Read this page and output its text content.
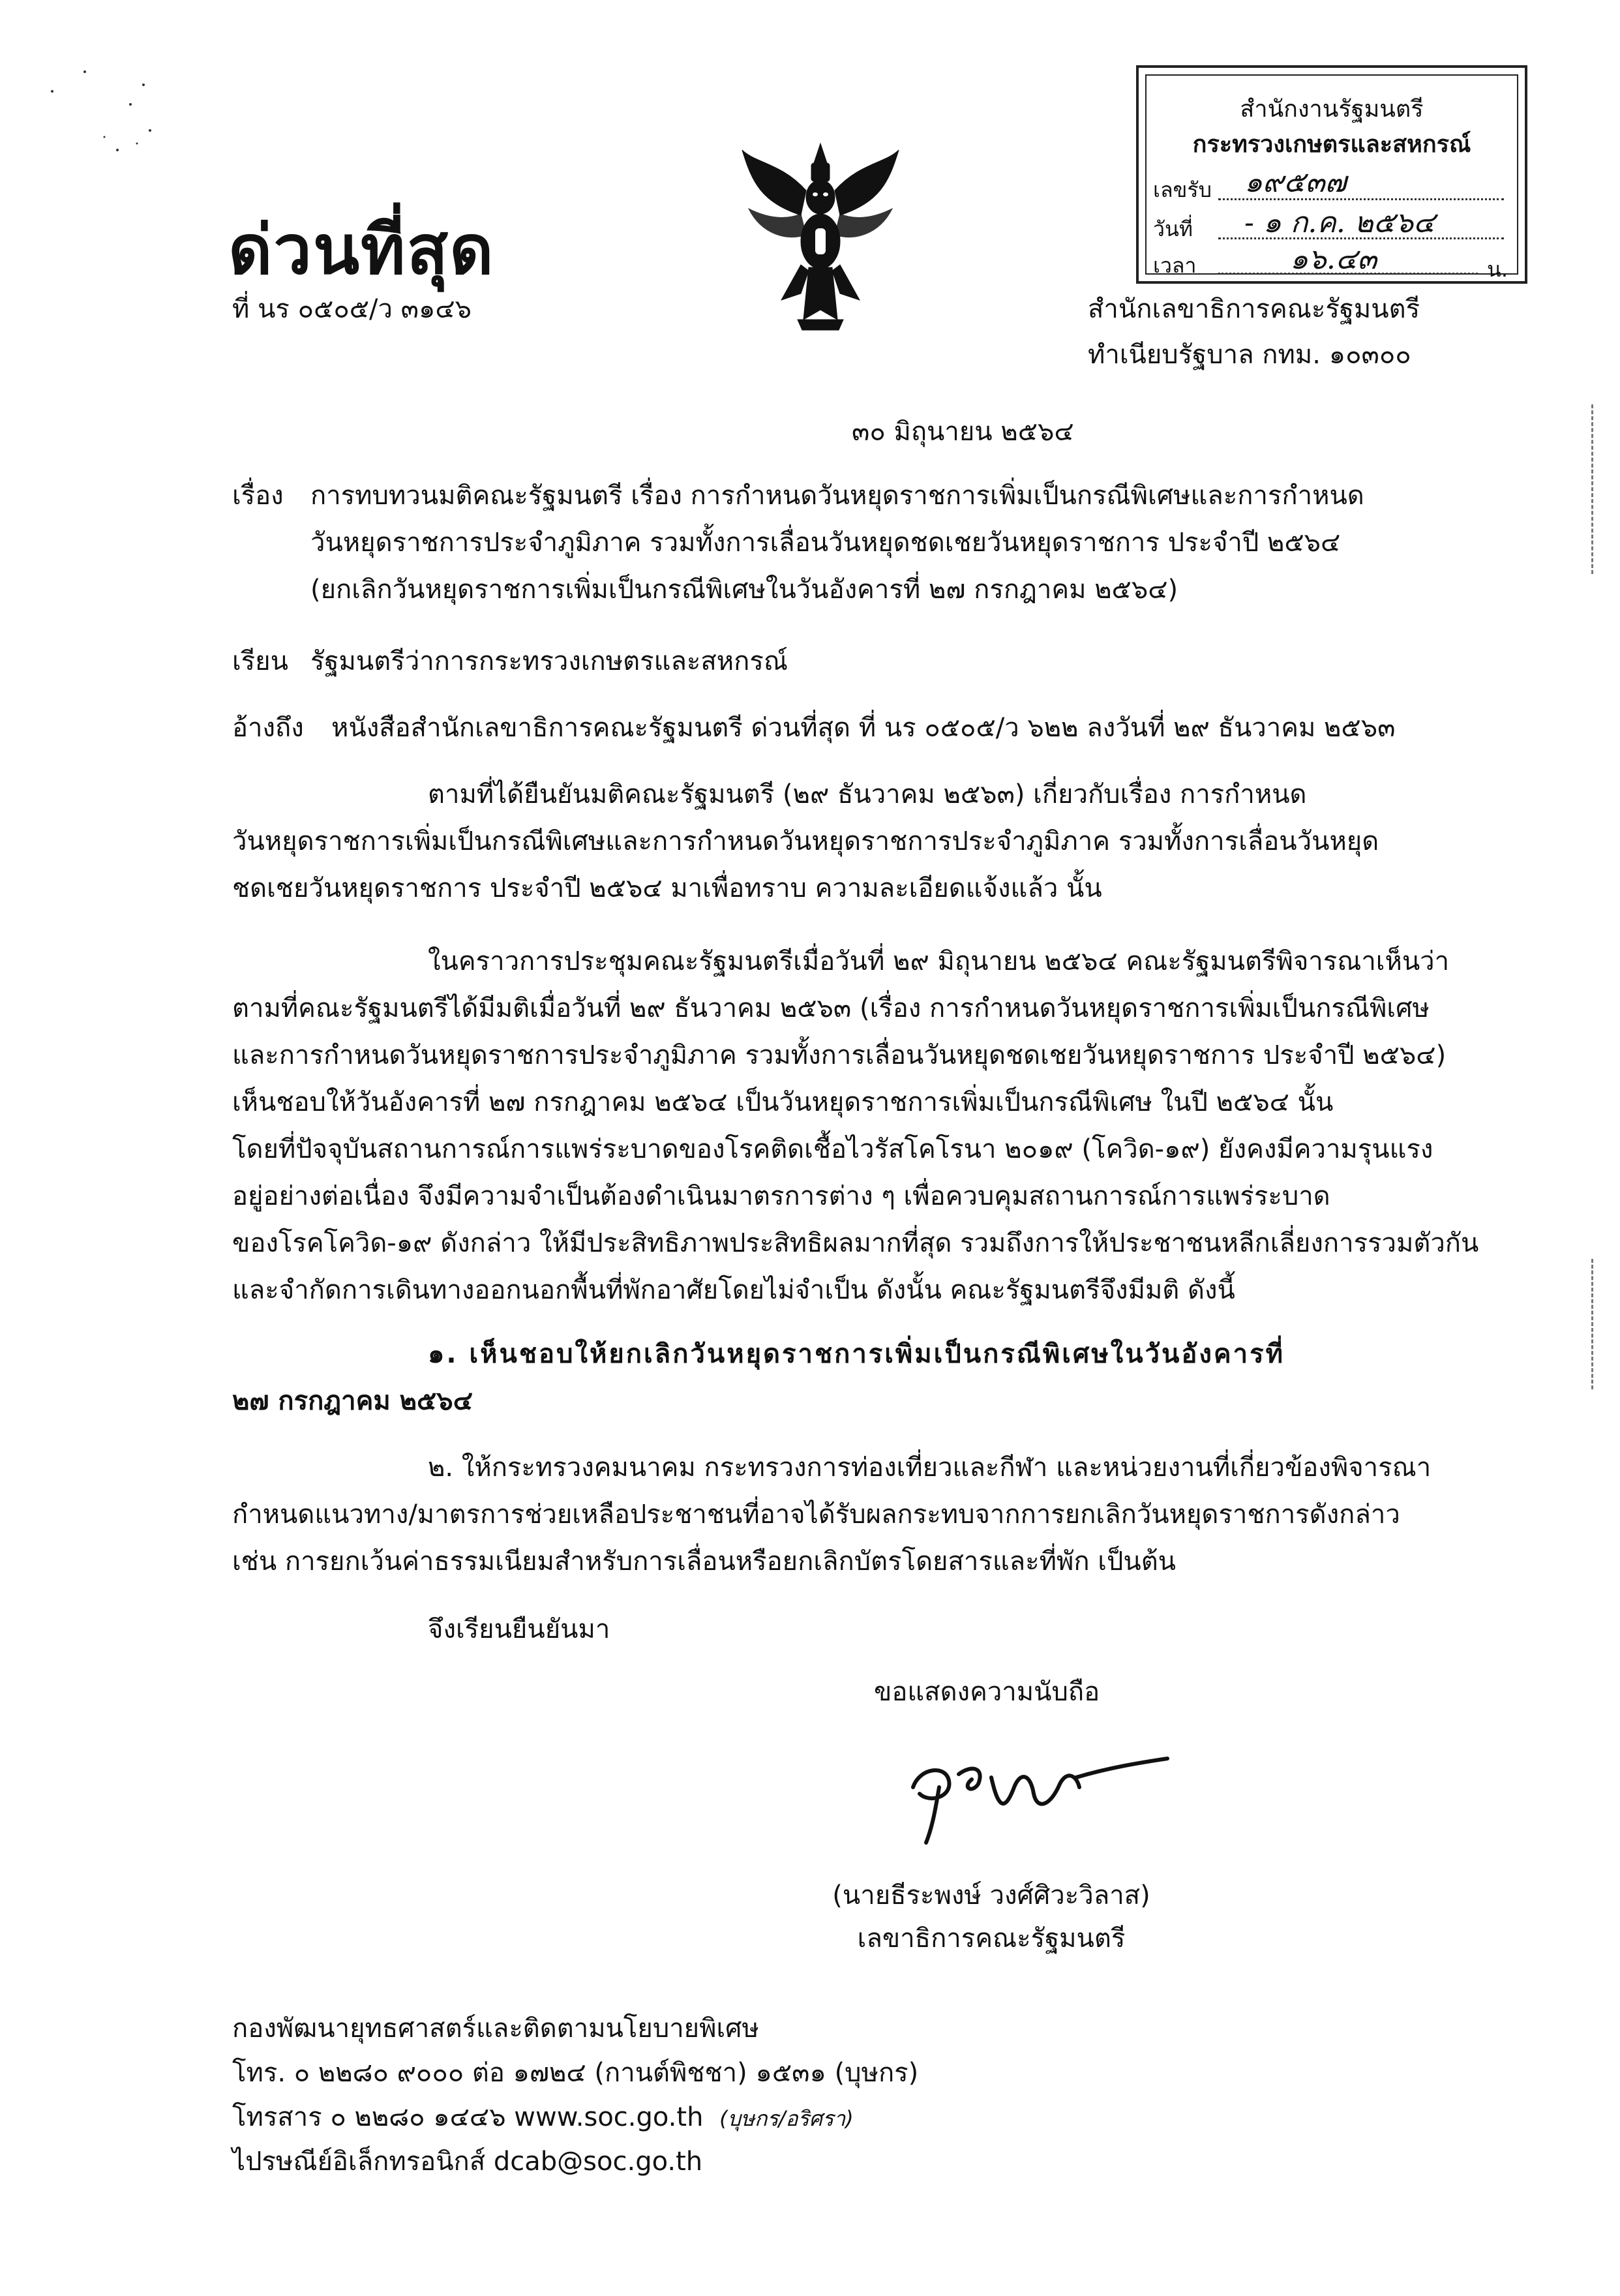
สำนักงานรัฐมนตรี
กระทรวงเกษตรและสหกรณ์
เลขรับ ๑๙๕๓๗
วันที่ - ๑ ก.ค. ๒๕๖๔
เวลา	๑๖.๔๓	น.
ด่วนที่สุด
ที่ นร ๐๕๐๕/ว ๓๑๔๖	สำนักเลขาธิการคณะรัฐมนตรี
ทำเนียบรัฐบาล กทม. ๑๐๓๐๐
๓๐ มิถุนายน ๒๕๖๔
เรื่อง การทบทวนมติคณะรัฐมนตรี เรื่อง การกำหนดวันหยุดราชการเพิ่มเป็นกรณีพิเศษและการกำหนด
วันหยุดราชการประจำภูมิภาค รวมทั้งการเลื่อนวันหยุดชดเชยวันหยุดราชการ ประจำปี ๒๕๖๔
(ยกเลิกวันหยุดราชการเพิ่มเป็นกรณีพิเศษในวันอังคารที่ ๒๗ กรกฎาคม ๒๕๖๔)
เรียน รัฐมนตรีว่าการกระทรวงเกษตรและสหกรณ์
อ้างถึง หนังสือสำนักเลขาธิการคณะรัฐมนตรี ด่วนที่สุด ที่ นร ๐๕๐๕/ว ๖๒๒ ลงวันที่ ๒๙ ธันวาคม ๒๕๖๓
ตามที่ได้ยืนยันมติคณะรัฐมนตรี (๒๙ ธันวาคม ๒๕๖๓) เกี่ยวกับเรื่อง การกำหนด
วันหยุดราชการเพิ่มเป็นกรณีพิเศษและการกำหนดวันหยุดราชการประจำภูมิภาค รวมทั้งการเลื่อนวันหยุด
ชดเชยวันหยุดราชการ ประจำปี ๒๕๖๔ มาเพื่อทราบ ความละเอียดแจ้งแล้ว นั้น
ในคราวการประชุมคณะรัฐมนตรีเมื่อวันที่ ๒๙ มิถุนายน ๒๕๖๔ คณะรัฐมนตรีพิจารณาเห็นว่า
ตามที่คณะรัฐมนตรีได้มีมติเมื่อวันที่ ๒๙ ธันวาคม ๒๕๖๓ (เรื่อง การกำหนดวันหยุดราชการเพิ่มเป็นกรณีพิเศษ
และการกำหนดวันหยุดราชการประจำภูมิภาค รวมทั้งการเลื่อนวันหยุดชดเชยวันหยุดราชการ ประจำปี ๒๕๖๔)
เห็นชอบให้วันอังคารที่ ๒๗ กรกฎาคม ๒๕๖๔ เป็นวันหยุดราชการเพิ่มเป็นกรณีพิเศษ ในปี ๒๕๖๔ นั้น
โดยที่ปัจจุบันสถานการณ์การแพร่ระบาดของโรคติดเชื้อไวรัสโคโรนา ๒๐๑๙ (โควิด-๑๙) ยังคงมีความรุนแรง
อยู่อย่างต่อเนื่อง จึงมีความจำเป็นต้องดำเนินมาตรการต่าง ๆ เพื่อควบคุมสถานการณ์การแพร่ระบาด
ของโรคโควิด-๑๙ ดังกล่าว ให้มีประสิทธิภาพประสิทธิผลมากที่สุด รวมถึงการให้ประชาชนหลีกเลี่ยงการรวมตัวกัน
และจำกัดการเดินทางออกนอกพื้นที่พักอาศัยโดยไม่จำเป็น ดังนั้น คณะรัฐมนตรีจึงมีมติ ดังนี้
๑. เห็นชอบให้ยกเลิกวันหยุดราชการเพิ่มเป็นกรณีพิเศษในวันอังคารที่
๒๗ กรกฎาคม ๒๕๖๔
๒. ให้กระทรวงคมนาคม กระทรวงการท่องเที่ยวและกีฬา และหน่วยงานที่เกี่ยวข้องพิจารณา
กำหนดแนวทาง/มาตรการช่วยเหลือประชาชนที่อาจได้รับผลกระทบจากการยกเลิกวันหยุดราชการดังกล่าว
เช่น การยกเว้นค่าธรรมเนียมสำหรับการเลื่อนหรือยกเลิกบัตรโดยสารและที่พัก เป็นต้น
จึงเรียนยืนยันมา
ขอแสดงความนับถือ
(นายธีระพงษ์ วงศ์ศิวะวิลาส)
เลขาธิการคณะรัฐมนตรี
กองพัฒนายุทธศาสตร์และติดตามนโยบายพิเศษ
โทร. ๐ ๒๒๘๐ ๙๐๐๐ ต่อ ๑๗๒๔ (กานต์พิชชา) ๑๕๓๑ (บุษกร)
โทรสาร ๐ ๒๒๘๐ ๑๔๔๖ www.soc.go.th (บุษกร/อริศรา)
ไปรษณีย์อิเล็กทรอนิกส์ dcab@soc.go.th
